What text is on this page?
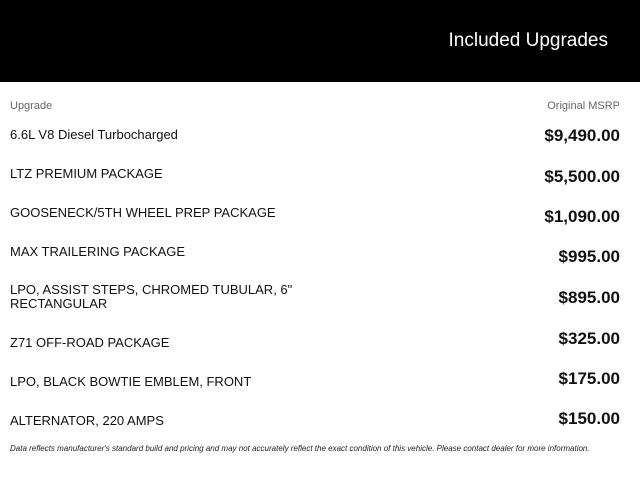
Included Upgrades
Upgrade	Original MSRP
6.6L V8 Diesel Turbocharged	$9,490.00
LTZ PREMIUM PACKAGE	$5,500.00
GOOSENECK/5TH WHEEL PREP PACKAGE	$1,090.00
MAX TRAILERING PACKAGE	$995.00
LPO, ASSIST STEPS, CHROMED TUBULAR, 6" RECTANGULAR	$895.00
Z71 OFF-ROAD PACKAGE	$325.00
LPO, BLACK BOWTIE EMBLEM, FRONT	$175.00
ALTERNATOR, 220 AMPS	$150.00
Data reflects manufacturer's standard build and pricing and may not accurately reflect the exact condition of this vehicle. Please contact dealer for more information.
